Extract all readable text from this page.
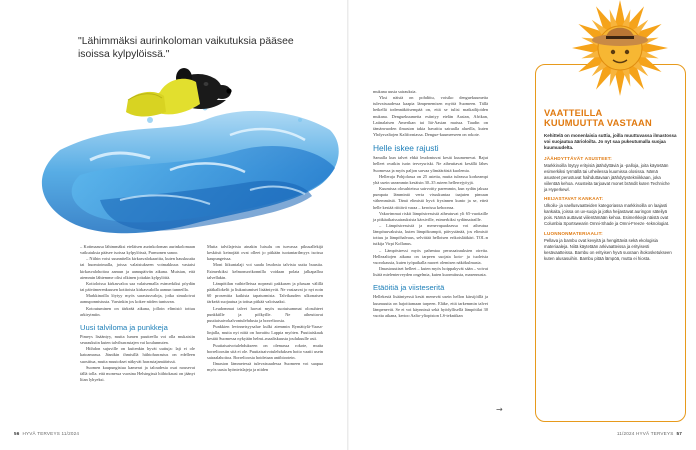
"Lähimmäksi aurinkoloman vaikutuksia pääsee isoissa kylpylöissä."

– Kotimaassa lähimmäksi eteläisen aurinkoloman aurinkolomaan vaikutuksia pääsee isoissa kylpylöissä, Parmonen sanoo.

– Niihin voisi suunnitella kirkasvalokaariita, kuten hauskuutta tai huomioimalla, joissa valaistukseen voimakkuus vastaisi kirkasvalohoitoa aamun ja aamupäivän aikana. Muistan, että aiemmin lähtemme olisi olkinen joitakin kylpylöitä.

Kotioloissa kirkasvaloa saa valaisemalla esimerkiksi pöydän tai päivämerenkuusen kotitoista kirkasvalolla aamun tunneilla.

Markkinoilla löytyy myös sarastusvaloja, jotka simuloivat aamuponnistusta. Varsinkin jos kokee niiden tuntuvan.

Kotoutuminen on tärkeää aikana, jolloin elimistö tottuu arkirytmiin.

Uusi talviloma ja punkkeja

Pimeys lisääntyy, mutta lumen puutteella voi olla mukaisiin seurauksiin kuten talvihurrastajen vai koulunnuten.

Hiihdon sujuville on kuitenkin hyvät uuttuja: laji ei ole katoamassa. Jäsnikin ihmisillä hiihtoharrastus on edelleen suosittua, mutta muutokset näkyvät harrastajamäärissä.

Suomen kaupungistua kamerat ja taloudesta osat nousevat tällä tolla. että monessa vuosina Helsingissä hiihtokausi on jäänyt liian lyhyeksi.

Mutta talvilajeista ainakin luisulu on turvassa pikusallekijä keskitsit keinojäät ovat olleet jo pitkään tuotantarilmyys isoissa kaupungeissa.

Moni liikuntalaji voi saada leudosta talvista uutta buustia. Esimerkiksi kelmonurrikonnilla voidaan polata jalkapalloa talvellakin.

Lämpötilan vaihtelleissa nopeasti pakkasen ja plussan välillä pääkallokelit ja liukastumiset lisääntyvät. Ne vastaavat jo nyt noin 60 prosenttia kaikista tapaturmista. Talvikauden ulkonaisen tärkeää suojautua ja tottua pitkää valoisaaksi.

Leudommat talvet luovat myös suotuisammat olosuhteet punkkiille ja pölkyille. Ne aiheuttavat puutiaisaivokalvontulehdusta ja borrelioosia.

Punkkien levinneisyysalue kulki aiemmin Rymättylä-Vaasa-linjalla, mutta nyt niitä on havaittu Lappia myöten. Puutiaiskauk kestää Suomessa nykyään helmi–maaliskuusta joulukuulle asti.

Puutiaisaivotulehdukseen on olemassa rokote, mutta borrelioosiin sitä ei ole. Puutiaisaivotulehduksen hoito vaatii usein sairaalahoitoa. Borrelioosia hoidetaan antibiootein.

Ilmaston lämmetessä tulevaisuudessa Suomeen voi saapua myös uusia hyönteislajeja ja niiden

mukana uusia sairauksia.

Yksi näistä on pohdittu, voisiko denguekuumetta tulevaisuudessa kaapia lämpenemisen myötä Suomeen. Tällä hetkellä todennäköisempää on, että se tulisi matkailijoiden mukana. Denguekuumetta esiintyy etelän Aasian, Afrikan, Latinalaisen Amerikan tai Itä-Aasian maissa. Taudin on tämänvuoden ilmaston takia havaittu sairaalla alueilla, kuten Yhdysvaltojen Kaliforniassa. Dengue-kuumeeseen on rokote.

Helle iskee rajusti

Samalla kun talvet ehkä leudontuvat kesät kuumenevat. Rajut helleet ovatkin isoin terveysriski. Ne aiheuttavat kesällä lähes Suomessa ja myös paljon sarvaa ylimääräistä kuolemia.

Helleraja Pohjolassa on 25 astetta, mutta tuleassa korkeampi yhä usein useammin kesäisin 30–35 asteen hellerrejyöyjä.

Kuumissa olosuhteissa sairvoitty paremmin, kun sydän jaksaa pumpata lämmintä verta vissukuntaa taajuten pimuun vähemmästä. Tämä elimistä hyvä frysinnen kunto ja se, etteä helle kestää riittävä varaa – keroissa kehoonsa.

Vakavimmat riskit lämpöstressistä aiheutuvat yli 65-vuotiaille ja pitkäaikaissairauksista kärsiville, esimerkiksi sydänsairaille.

– Lämpöstressistä ja menevapaaksessa voi aiheutua lämpöuuvaksista, kuten lämpökrampit, päivystänää, jos elimistö tottuu ja lämpöhalvaus, selvittää helloisen erikoislääkäri. TOL:n tutkija Virpi Kollanus.

– Lämpöstressi myös pahentaa perussairauksien oireita. Helleaaltojen aikana on tarpeen suojata koto- ja tuoleista vuorokausia, kuten työpaikalla nuoret olemisen näkökulmasta.

Ilmastouutiset helleet – kuten myös hoippakyvät sään – voivat lisätä mielenterveyden ongelmia, kuten kuormitusta, masennusta.

Etäöitiä ja viisteseritä

Hellekestä lisääntyessä kesät menevät usein hellon kärsijöillä ja kuumuutta on hajoittamaan tarpeen. Eläke, että tarkemmin talvet lämpenevät. Se ei voi käynnissä sekä hyödyllisellä lämpötilat 30 vuotta aikana, kertoo Aalto-yliopiston LS-tekniikan

→
VAATTEILLA KUUMUUTTA VASTAAN
Kehittelä on monenlaisia suttia, joilla muuttuvassa ilmastossa voi suojautua äärioloilta. Jo nyt saa pukeutumalla suojaa kuumuudelta.
JÄÄHDYTTÄVÄT ASUSTEET:

Markkinoilla löytyy erityisiä jäähdyttäviä ja -palloja, joita käytetään esimerkiksi tyrmällä tai urheilessa kuumissa olosissa. Nämä asusteet perustuvat haihduttavaan jäähdytystekniikkaan, joka viilentää kehoa. Asusteita tarjoavat monet brändit kuten Techniche ja Hyperkewl.

HEIJASTAVAT KANKAAT:

Ulkoilu- ja vaellusvaatteiden kategoriassa markkinoilla on laajasti kankaita, joissa on uv-suoja ja jotka heijastavat auringon säteilyä pois. Nämä auttavat viilentämään kehoa. Esimerkkejä näistä ovat Columbia Sportswearin Omni-Shade ja Omni-Freeze -teknologiat.

LUONNONMATERIAALIT:

Pellava ja bambu ovat kevyitä ja hengittäviä sekä ekologisia materiaaleja. Niitä käytetään arkivaatteissa ja erityisesti kesävaatteissa. Bambu on erityisen hyvä suoraan ihokosketukseen kuten alusasuihin. Bambu pitää lämpöä, mutta ei hiosta.

56 HYVÄ TERVEYS 11/2024	11/2024 HYVÄ TERVEYS 57
